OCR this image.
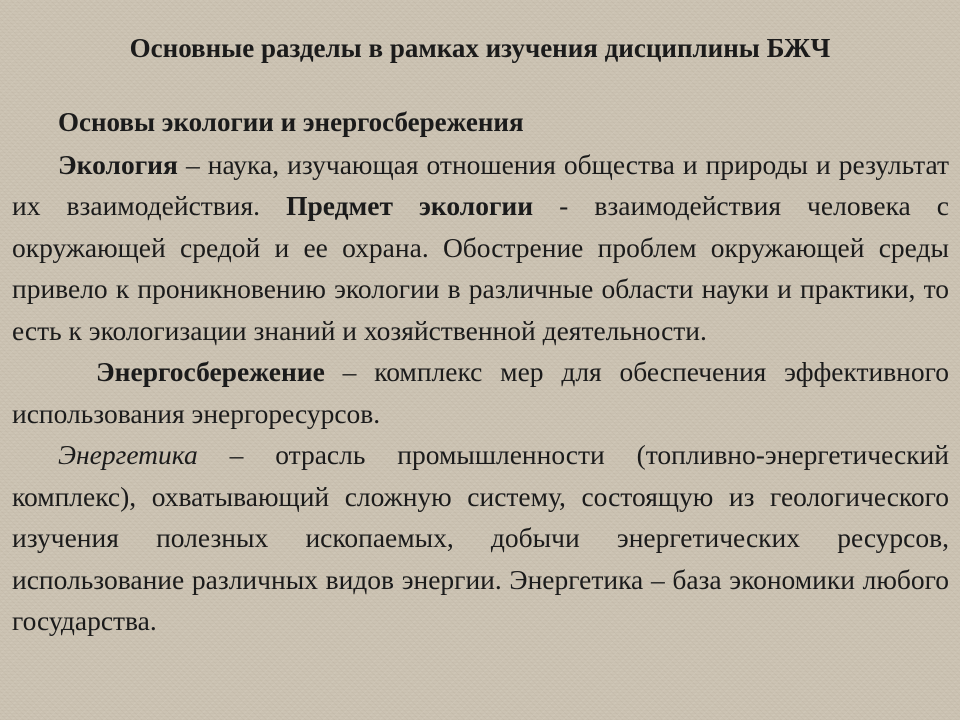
Основные разделы в рамках изучения дисциплины БЖЧ

Основы экологии и энергосбережения

Экология – наука, изучающая отношения общества и природы и результат их взаимодействия. Предмет экологии - взаимодействия человека с окружающей средой и ее охрана. Обострение проблем окружающей среды привело к проникновению экологии в различные области науки и практики, то есть к экологизации знаний и хозяйственной деятельности.

Энергосбережение – комплекс мер для обеспечения эффективного использования энергоресурсов.

Энергетика – отрасль промышленности (топливно-энергетический комплекс), охватывающий сложную систему, состоящую из геологического изучения полезных ископаемых, добычи энергетических ресурсов, использование различных видов энергии. Энергетика – база экономики любого государства.
